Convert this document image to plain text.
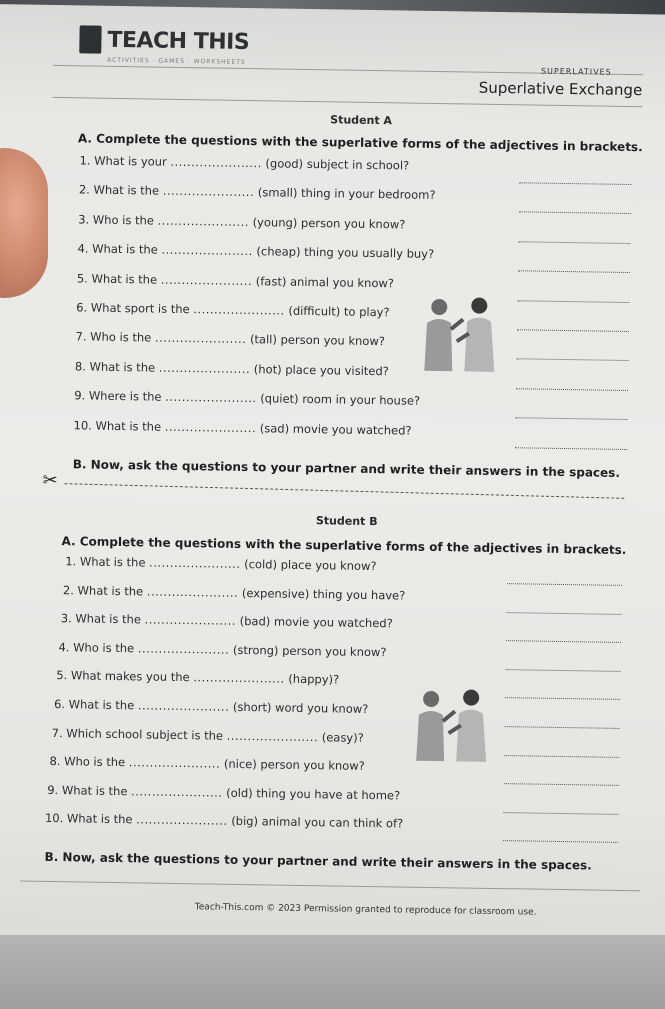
TEACH THIS
ACTIVITIES · GAMES · WORKSHEETS
SUPERLATIVES
Superlative Exchange
Student A
A. Complete the questions with the superlative forms of the adjectives in brackets.
1. What is your ...................... (good) subject in school?
2. What is the ...................... (small) thing in your bedroom?
3. Who is the ...................... (young) person you know?
4. What is the ...................... (cheap) thing you usually buy?
5. What is the ...................... (fast) animal you know?
6. What sport is the ...................... (difficult) to play?
7. Who is the ...................... (tall) person you know?
8. What is the ...................... (hot) place you visited?
9. Where is the ...................... (quiet) room in your house?
10. What is the ...................... (sad) movie you watched?
B. Now, ask the questions to your partner and write their answers in the spaces.
✂
Student B
A. Complete the questions with the superlative forms of the adjectives in brackets.
1. What is the ...................... (cold) place you know?
2. What is the ...................... (expensive) thing you have?
3. What is the ...................... (bad) movie you watched?
4. Who is the ...................... (strong) person you know?
5. What makes you the ...................... (happy)?
6. What is the ...................... (short) word you know?
7. Which school subject is the ...................... (easy)?
8. Who is the ...................... (nice) person you know?
9. What is the ...................... (old) thing you have at home?
10. What is the ...................... (big) animal you can think of?
B. Now, ask the questions to your partner and write their answers in the spaces.
Teach-This.com © 2023 Permission granted to reproduce for classroom use.
